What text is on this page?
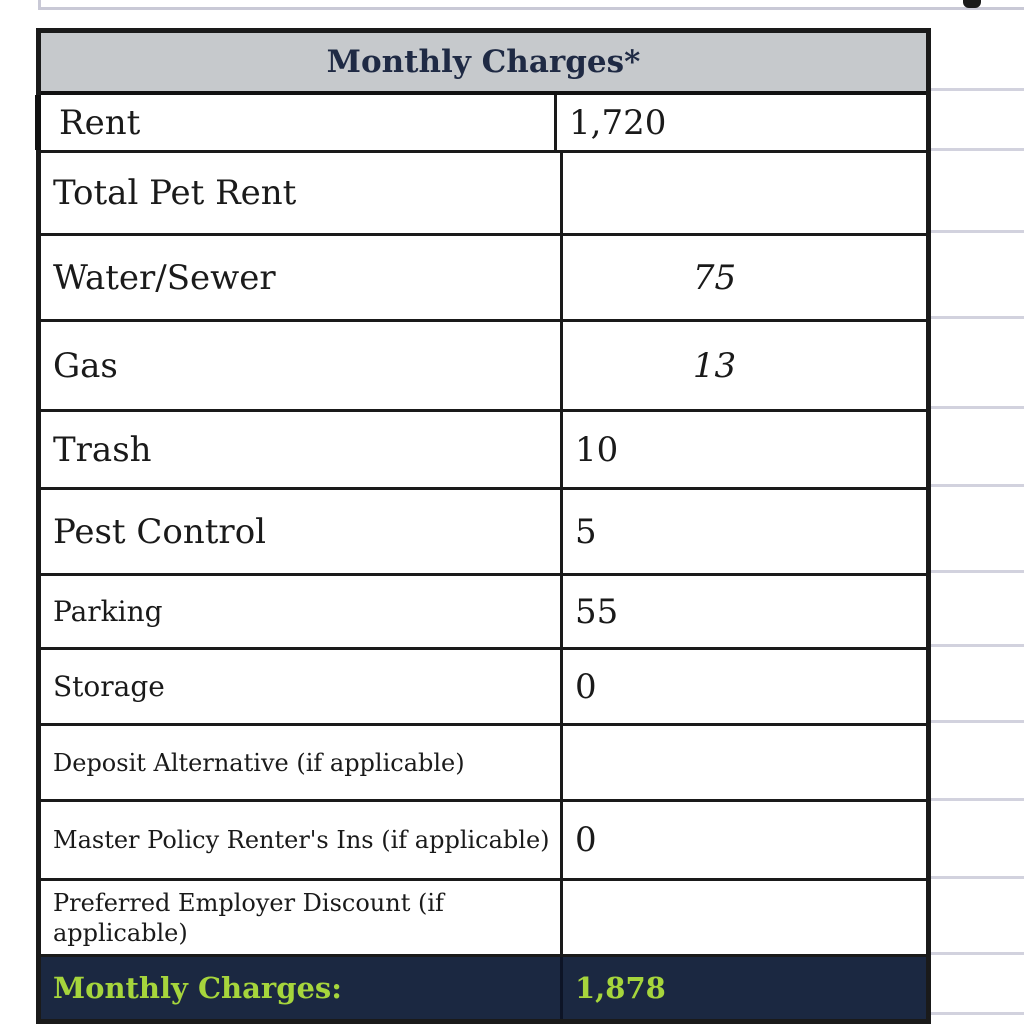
Monthly Charges*
Rent	1,720
Total Pet Rent
Water/Sewer	75
Gas	13
Trash	10
Pest Control	5
Parking	55
Storage	0
Deposit Alternative (if applicable)
Master Policy Renter's Ins (if applicable) 0
Preferred Employer Discount (if applicable)
Monthly Charges:	1,878
